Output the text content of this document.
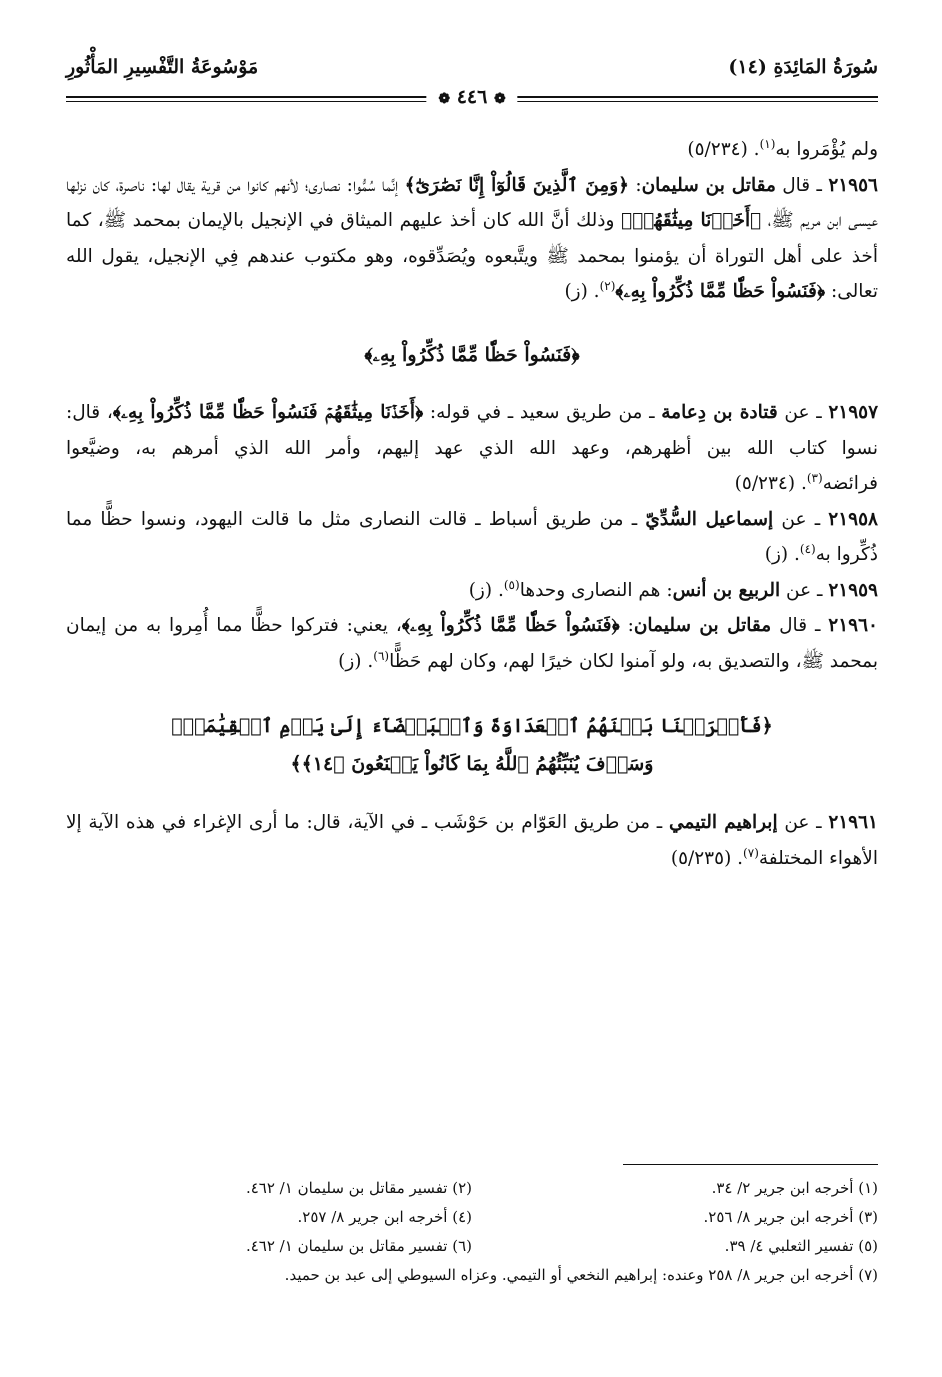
سُورَةُ المَائِدَةِ (١٤)
مَوْسُوعَةُ التَّفْسِيرِ المَأْثُورِ
❁ ٤٤٦ ❁

ولم يُؤْمَروا به$^{(١)}$. (٥/٢٣٤)

٢١٩٥٦ ـ قال مقاتل بن سليمان: ﴿وَمِنَ ٱلَّذِينَ قَالُوٓاْ إِنَّا نَصَٰرَىٰٓ﴾ إنَّما سُمُّوا: نصارى؛ لأنهم كانوا من قرية يقال لها: ناصرة، كان نزلها عيسى ابن مريم ﷺ، ﴿أَخَذۡنَا مِيثَٰقَهُمۡ﴾ وذلك أنَّ الله كان أخذ عليهم الميثاق في الإنجيل بالإيمان بمحمد ﷺ، كما أخذ على أهل التوراة أن يؤمنوا بمحمد ﷺ ويتَّبعوه ويُصَدِّقوه، وهو مكتوب عندهم فِي الإنجيل، يقول الله تعالى: ﴿فَنَسُواْ حَظّٗا مِّمَّا ذُكِّرُواْ بِهِۦ﴾$^{(٢)}$. (ز)

﴿فَنَسُواْ حَظّٗا مِّمَّا ذُكِّرُواْ بِهِۦ﴾

٢١٩٥٧ ـ عن قتادة بن دِعامة ـ من طريق سعيد ـ في قوله: ﴿أَخَذۡنَا مِيثَٰقَهُمۡ فَنَسُواْ حَظّٗا مِّمَّا ذُكِّرُواْ بِهِۦ﴾، قال: نسوا كتاب الله بين أظهرهم، وعهد الله الذي عهد إليهم، وأمر الله الذي أمرهم به، وضيَّعوا فرائضه$^{(٣)}$. (٥/٢٣٤)

٢١٩٥٨ ـ عن إسماعيل السُّدِّيّ ـ من طريق أسباط ـ قالت النصارى مثل ما قالت اليهود، ونسوا حظًّا مما ذُكِّروا به$^{(٤)}$. (ز)

٢١٩٥٩ ـ عن الربيع بن أنس: هم النصارى وحدها$^{(٥)}$. (ز)

٢١٩٦٠ ـ قال مقاتل بن سليمان: ﴿فَنَسُواْ حَظّٗا مِّمَّا ذُكِّرُواْ بِهِۦ﴾، يعني: فتركوا حظًّا مما أُمِروا به من إيمان بمحمد ﷺ، والتصديق به، ولو آمنوا لكان خيرًا لهم، وكان لهم حَظًّا$^{(٦)}$. (ز)

﴿فَأَغۡرَيۡنَا بَيۡنَهُمُ ٱلۡعَدَاوَةَ وَٱلۡبَغۡضَآءَ إِلَىٰ يَوۡمِ ٱلۡقِيَٰمَةِۚ

وَسَوۡفَ يُنَبِّئُهُمُ ٱللَّهُ بِمَا كَانُواْ يَصۡنَعُونَ ﴿١٤﴾﴾

٢١٩٦١ ـ عن إبراهيم التيمي ـ من طريق العَوّام بن حَوْشَب ـ في الآية، قال: ما أرى الإغراء في هذه الآية إلا الأهواء المختلفة$^{(٧)}$. (٥/٢٣٥)

(١) أخرجه ابن جرير ٢/ ٣٤.
(٢) تفسير مقاتل بن سليمان ١/ ٤٦٢.
(٣) أخرجه ابن جرير ٨/ ٢٥٦.
(٤) أخرجه ابن جرير ٨/ ٢٥٧.
(٥) تفسير الثعلبي ٤/ ٣٩.
(٦) تفسير مقاتل بن سليمان ١/ ٤٦٢.
(٧) أخرجه ابن جرير ٨/ ٢٥٨ وعنده: إبراهيم النخعي أو التيمي. وعزاه السيوطي إلى عبد بن حميد.
